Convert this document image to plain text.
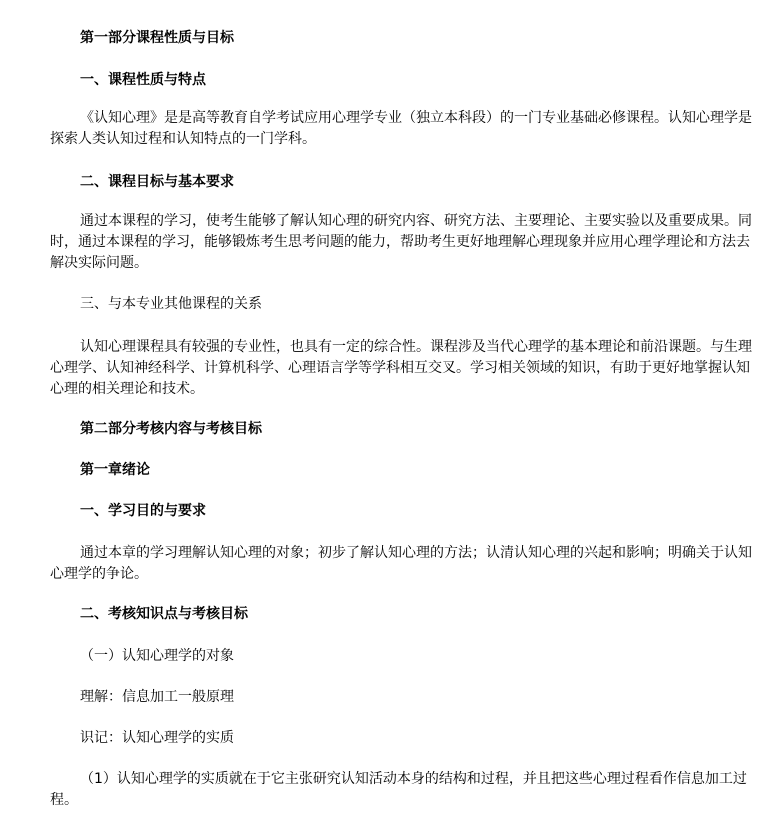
第一部分课程性质与目标
一、课程性质与特点
《认知心理》是是高等教育自学考试应用心理学专业（独立本科段）的一门专业基础必修课程。认知心理学是探索人类认知过程和认知特点的一门学科。
二、课程目标与基本要求
通过本课程的学习，使考生能够了解认知心理的研究内容、研究方法、主要理论、主要实验以及重要成果。同时，通过本课程的学习，能够锻炼考生思考问题的能力，帮助考生更好地理解心理现象并应用心理学理论和方法去解决实际问题。
三、与本专业其他课程的关系
认知心理课程具有较强的专业性，也具有一定的综合性。课程涉及当代心理学的基本理论和前沿课题。与生理心理学、认知神经科学、计算机科学、心理语言学等学科相互交叉。学习相关领域的知识，有助于更好地掌握认知心理的相关理论和技术。
第二部分考核内容与考核目标
第一章绪论
一、学习目的与要求
通过本章的学习理解认知心理的对象；初步了解认知心理的方法；认清认知心理的兴起和影响；明确关于认知心理学的争论。
二、考核知识点与考核目标
（一）认知心理学的对象
理解：信息加工一般原理
识记：认知心理学的实质
（1）认知心理学的实质就在于它主张研究认知活动本身的结构和过程，并且把这些心理过程看作信息加工过程。
